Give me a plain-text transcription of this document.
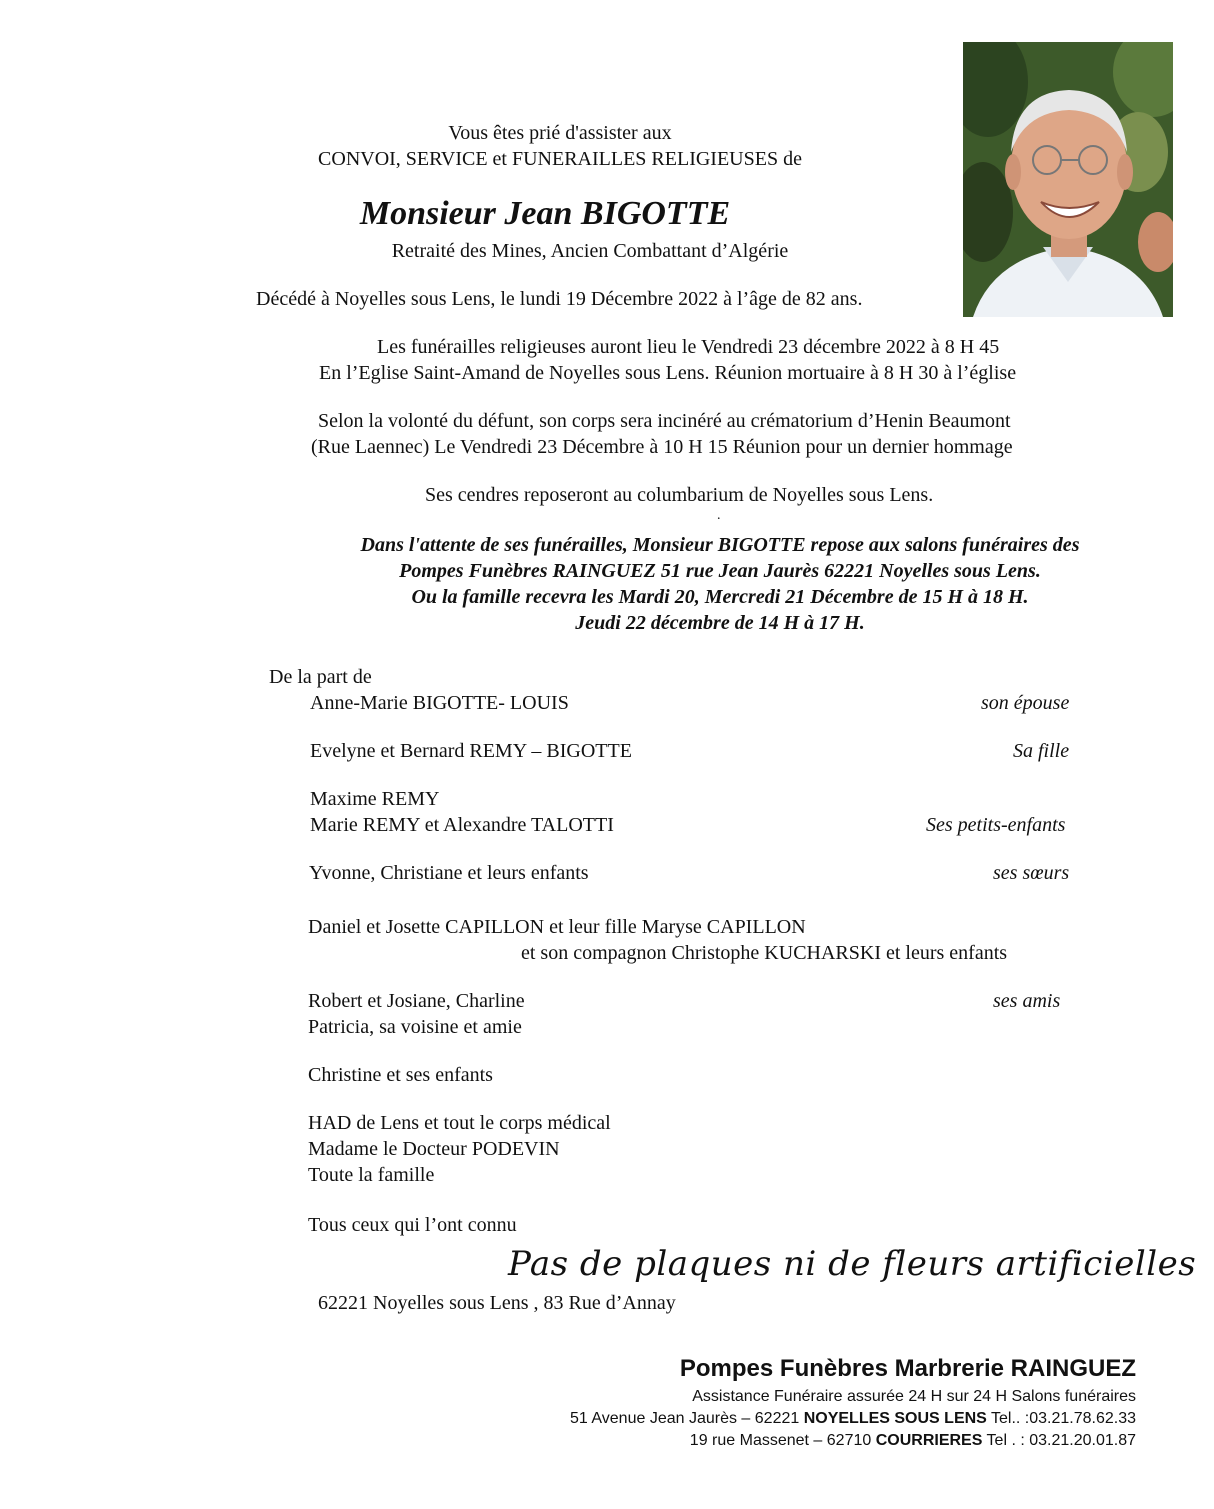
Vous êtes prié d'assister aux
CONVOI, SERVICE et FUNERAILLES RELIGIEUSES de
Monsieur Jean BIGOTTE
Retraité des Mines, Ancien Combattant d’Algérie
Décédé à Noyelles sous Lens, le lundi 19 Décembre 2022 à l’âge de 82 ans.
Les funérailles religieuses auront lieu le Vendredi 23 décembre 2022 à 8 H 45
En l’Eglise Saint-Amand de Noyelles sous Lens. Réunion mortuaire à 8 H 30 à l’église
Selon la volonté du défunt, son corps sera incinéré au crématorium d’Henin Beaumont
(Rue Laennec) Le Vendredi 23 Décembre à 10 H 15 Réunion pour un dernier hommage
Ses cendres reposeront au columbarium de Noyelles sous Lens.
.
Dans l'attente de ses funérailles, Monsieur BIGOTTE repose aux salons funéraires des
Pompes Funèbres RAINGUEZ 51 rue Jean Jaurès 62221 Noyelles sous Lens.
Ou la famille recevra les Mardi 20, Mercredi 21 Décembre de 15 H à 18 H.
Jeudi 22 décembre de 14 H à 17 H.
De la part de
Anne-Marie BIGOTTE- LOUIS	son épouse
Evelyne et Bernard REMY – BIGOTTE	Sa fille
Maxime REMY
Marie REMY et Alexandre TALOTTI	Ses petits-enfants
Yvonne, Christiane et leurs enfants	ses sœurs
Daniel et Josette CAPILLON et leur fille Maryse CAPILLON
et son compagnon Christophe KUCHARSKI et leurs enfants
Robert et Josiane, Charline	ses amis
Patricia, sa voisine et amie
Christine et ses enfants
HAD de Lens et tout le corps médical
Madame le Docteur PODEVIN
Toute la famille
Tous ceux qui l’ont connu
Pas de plaques ni de fleurs artificielles
62221 Noyelles sous Lens , 83 Rue d’Annay
Pompes Funèbres Marbrerie RAINGUEZ
Assistance Funéraire assurée 24 H sur 24 H Salons funéraires
51 Avenue Jean Jaurès – 62221 NOYELLES SOUS LENS Tel.. :03.21.78.62.33
19 rue Massenet – 62710 COURRIERES Tel . : 03.21.20.01.87
